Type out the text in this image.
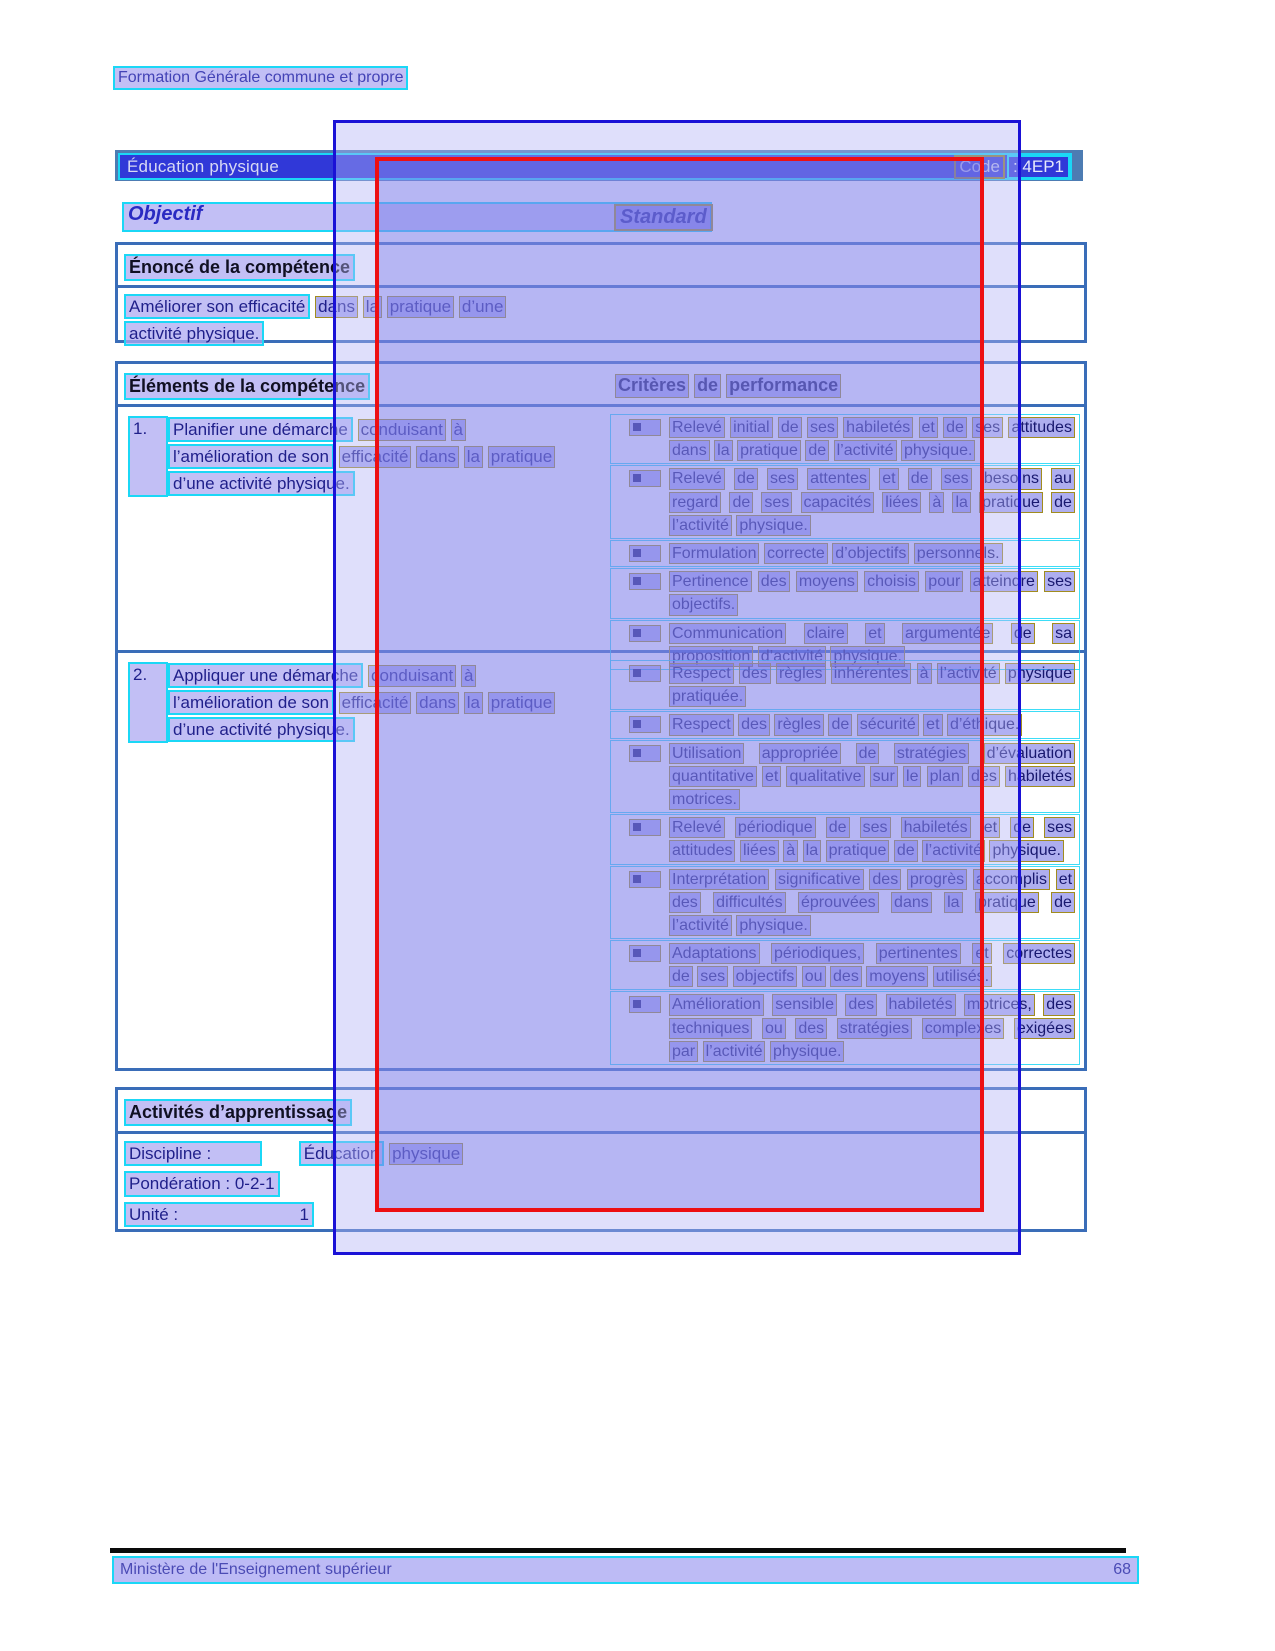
Formation Générale commune et propre
Éducation physique	Code : 4EP1
Objectif	Standard
Énoncé de la compétence
Améliorer son efficacité dans la pratique d’une
activité physique.
Éléments de la compétence	Critères de performance
1.	Planifier une démarche conduisant à
l’amélioration de son efficacité dans la pratique
d’une activité physique.
Relevé initial de ses habiletés et de ses attitudes dans la pratique de l’activité physique.
Relevé de ses attentes et de ses besoins au regard de ses capacités liées à la pratique de l’activité physique.
Formulation correcte d’objectifs personnels.
Pertinence des moyens choisis pour atteindre ses objectifs.
Communication claire et argumentée de sa proposition d’activité physique.
2.	Appliquer une démarche conduisant à
l’amélioration de son efficacité dans la pratique
d’une activité physique.
Respect des règles inhérentes à l’activité physique pratiquée.
Respect des règles de sécurité et d’éthique.
Utilisation appropriée de stratégies d’évaluation quantitative et qualitative sur le plan des habiletés motrices.
Relevé périodique de ses habiletés et de ses attitudes liées à la pratique de l’activité physique.
Interprétation significative des progrès accomplis et des difficultés éprouvées dans la pratique de l’activité physique.
Adaptations périodiques, pertinentes et correctes de ses objectifs ou des moyens utilisés.
Amélioration sensible des habiletés motrices, des techniques ou des stratégies complexes exigées par l’activité physique.
Activités d’apprentissage
Discipline :	Éducation physique
Pondération : 0-2-1
Unité :	1
Ministère de l'Enseignement supérieur	68
